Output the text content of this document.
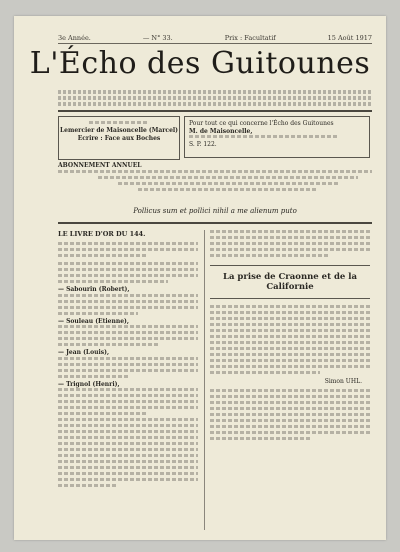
3e Année.	— N° 33.	Prix : Facultatif	15 Août 1917
L'Écho des Guitounes
Lemercier de Maisoncelle (Marcel)
Ecrire : Face aux Boches
Pour tout ce qui concerne l'Écho des Guitounes
M. de Maisoncelle,
S. P. 122.
ABONNEMENT ANNUEL
Pollicus sum et pollici nihil a me alienum puto
LE LIVRE D'OR DU 144.
— Sabourin (Robert),
— Souleau (Etienne),
— Jean (Louis),
— Trignol (Henri),
La prise de Craonne et de la Californie
Simon UHL.
